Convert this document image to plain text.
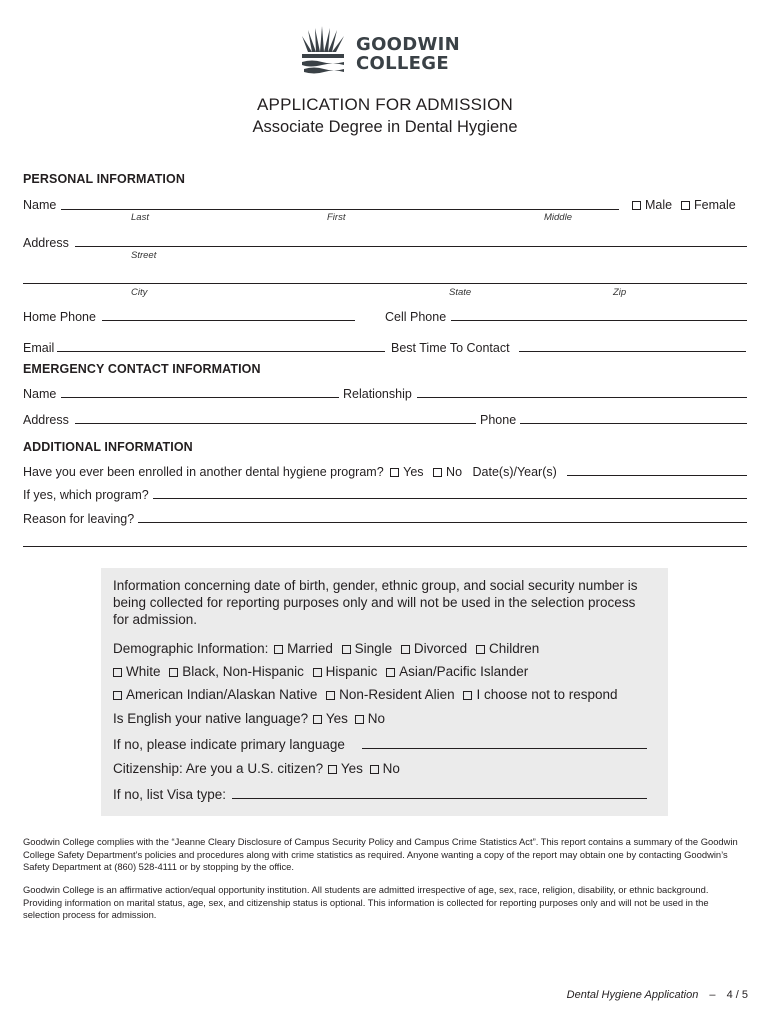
GOODWIN
COLLEGE
APPLICATION FOR ADMISSION
Associate Degree in Dental Hygiene
PERSONAL INFORMATION
Name	Male	Female
Last	First	Middle
Address
Street
City	State	Zip
Home Phone	Cell Phone
Email	Best Time To Contact
EMERGENCY CONTACT INFORMATION
Name	Relationship
Address	Phone
ADDITIONAL INFORMATION
Have you ever been enrolled in another dental hygiene program? Yes No Date(s)/Year(s)
If yes, which program?
Reason for leaving?
Information concerning date of birth, gender, ethnic group, and social security number is being collected for reporting purposes only and will not be used in the selection process for admission.
Demographic Information: Married Single Divorced Children
White Black, Non-Hispanic Hispanic Asian/Pacific Islander
American Indian/Alaskan Native Non-Resident Alien I choose not to respond
Is English your native language? Yes No
If no, please indicate primary language
Citizenship: Are you a U.S. citizen? Yes No
If no, list Visa type:
Goodwin College complies with the “Jeanne Cleary Disclosure of Campus Security Policy and Campus Crime Statistics Act”. This report contains a summary of the Goodwin College Safety Department’s policies and procedures along with crime statistics as required. Anyone wanting a copy of the report may obtain one by contacting Goodwin’s Safety Department at (860) 528-4111 or by stopping by the office.
Goodwin College is an affirmative action/equal opportunity institution. All students are admitted irrespective of age, sex, race, religion, disability, or ethnic background. Providing information on marital status, age, sex, and citizenship status is optional. This information is collected for reporting purposes only and will not be used in the selection process for admission.
Dental Hygiene Application – 4 / 5
